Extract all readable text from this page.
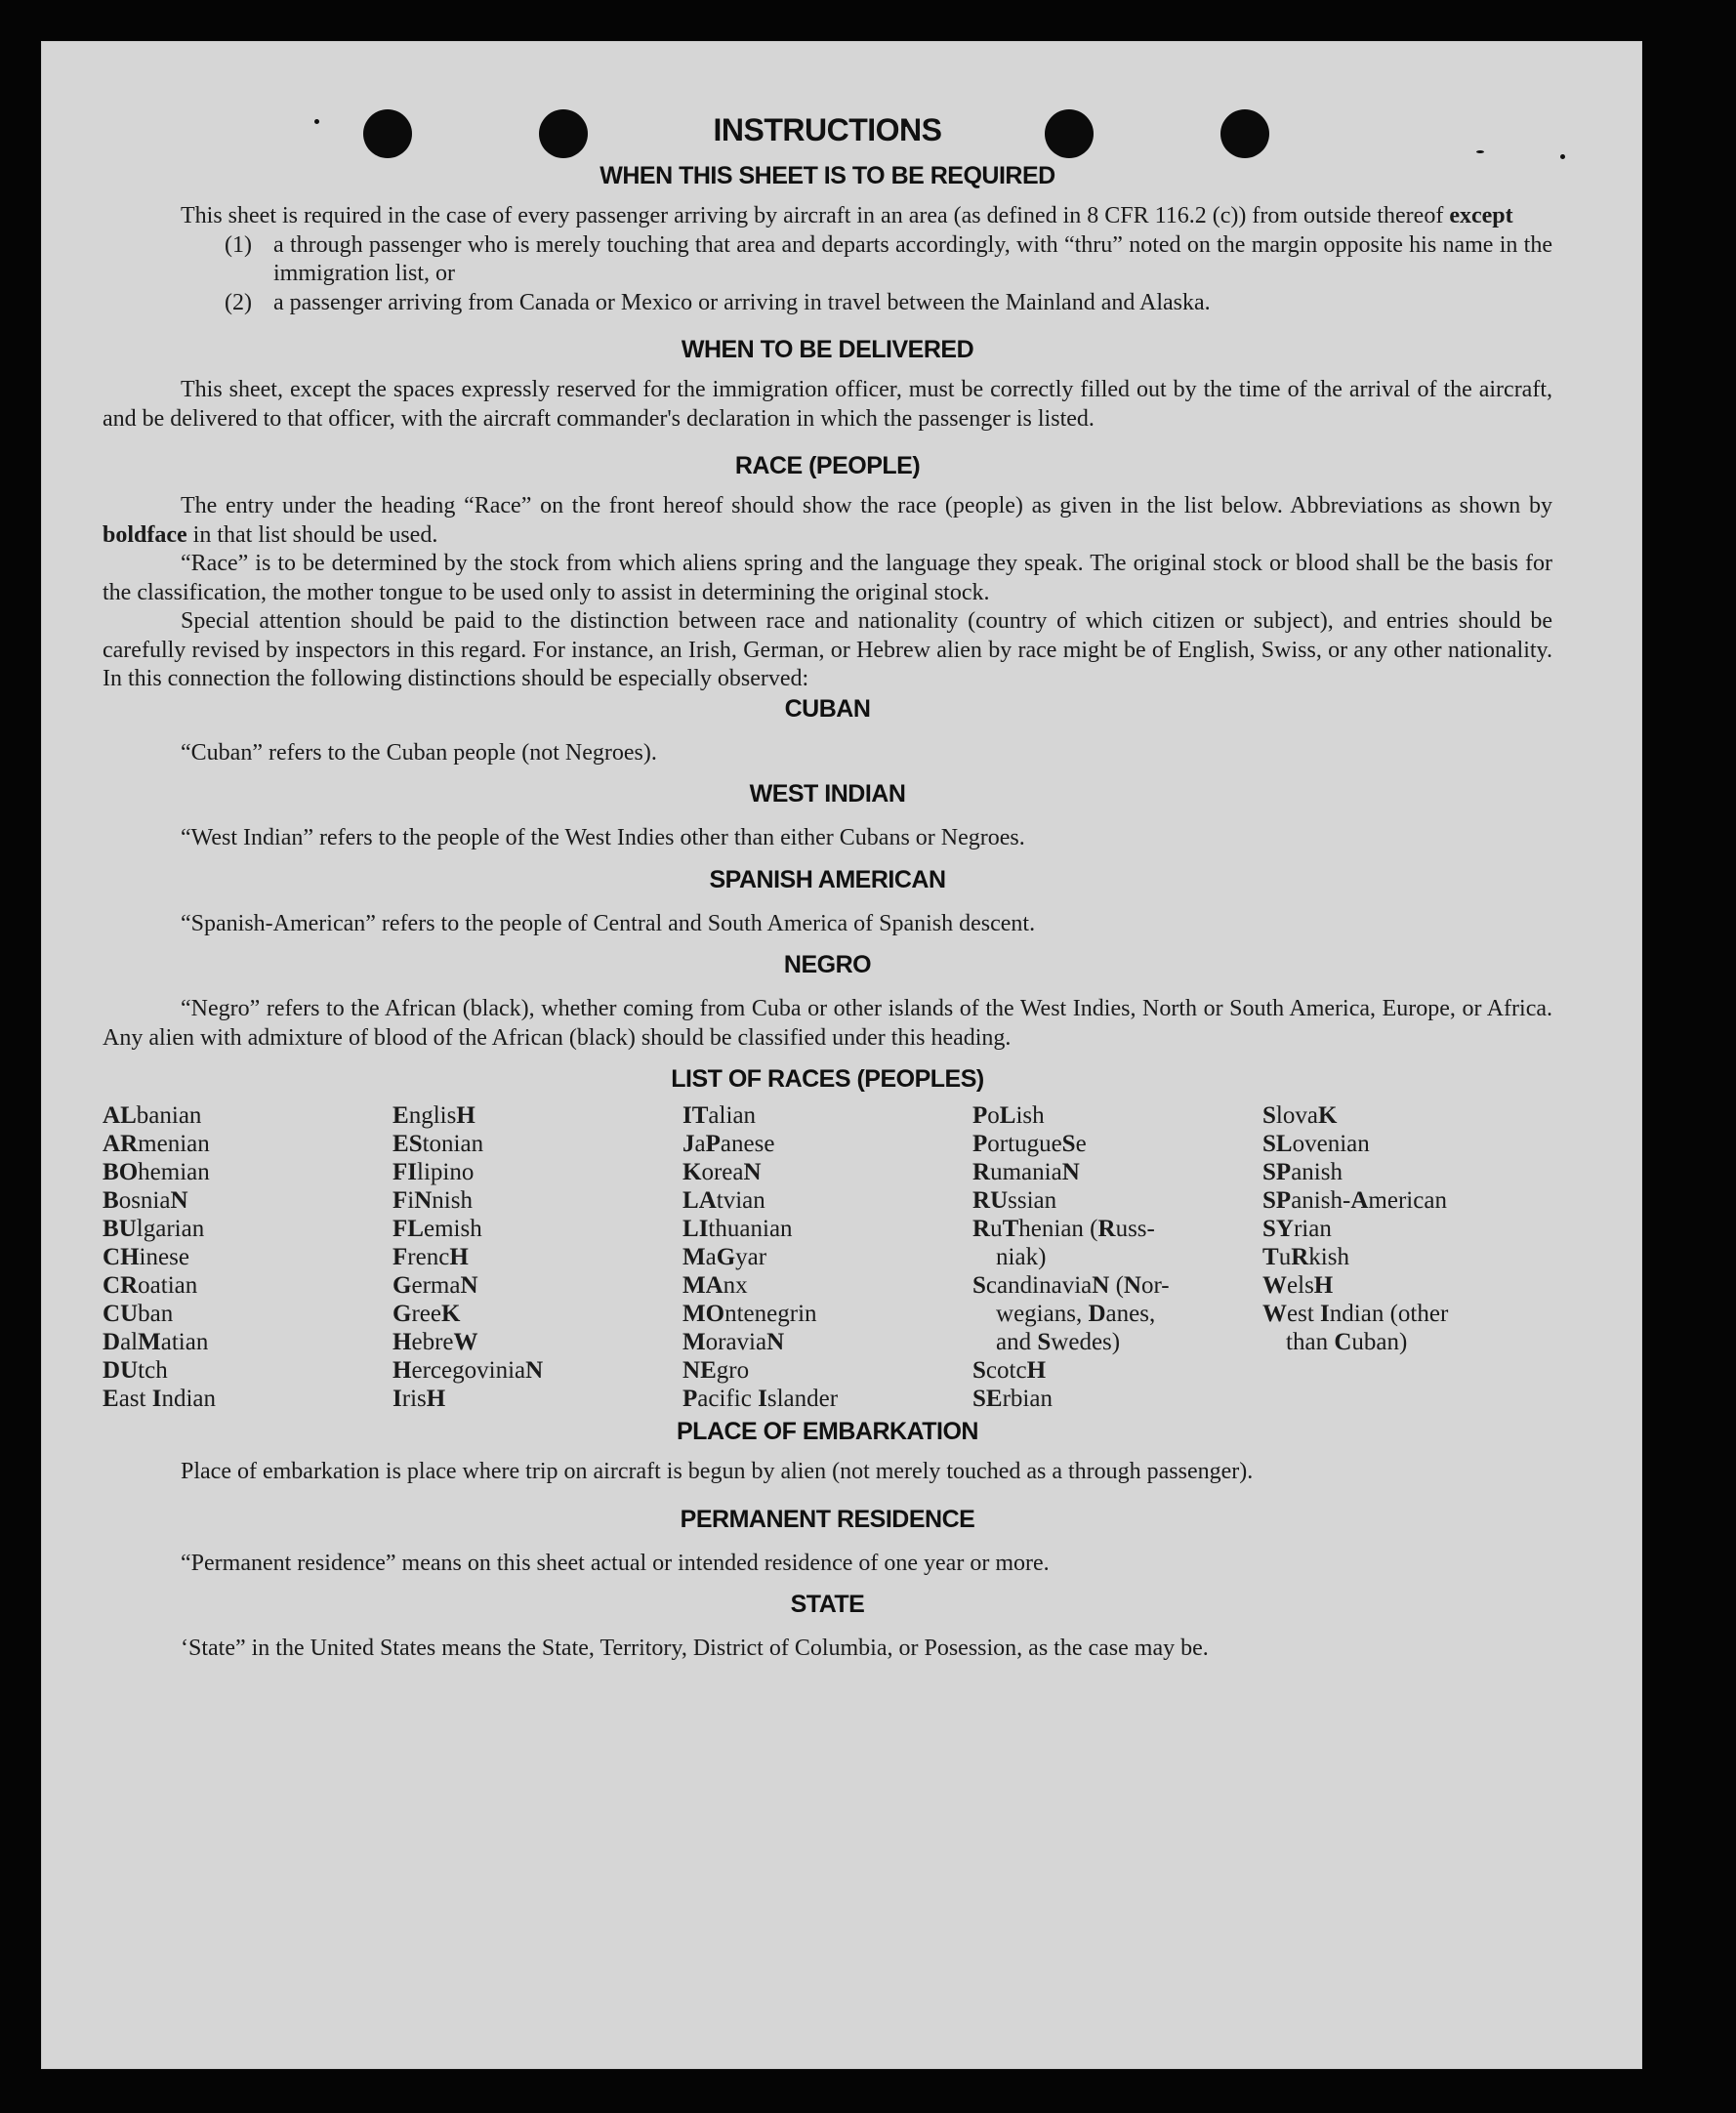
INSTRUCTIONS
WHEN THIS SHEET IS TO BE REQUIRED

This sheet is required in the case of every passenger arriving by aircraft in an area (as defined in 8 CFR 116.2 (c)) from outside thereof except

(1) a through passenger who is merely touching that area and departs accordingly, with “thru” noted on the margin opposite his name in the immigration list, or
(2) a passenger arriving from Canada or Mexico or arriving in travel between the Mainland and Alaska.
WHEN TO BE DELIVERED

This sheet, except the spaces expressly reserved for the immigration officer, must be correctly filled out by the time of the arrival of the aircraft, and be delivered to that officer, with the aircraft commander's declaration in which the passenger is listed.

RACE (PEOPLE)

The entry under the heading “Race” on the front hereof should show the race (people) as given in the list below. Abbreviations as shown by boldface in that list should be used.

“Race” is to be determined by the stock from which aliens spring and the language they speak. The original stock or blood shall be the basis for the classification, the mother tongue to be used only to assist in determining the original stock.

Special attention should be paid to the distinction between race and nationality (country of which citizen or subject), and entries should be carefully revised by inspectors in this regard. For instance, an Irish, German, or Hebrew alien by race might be of English, Swiss, or any other nationality. In this connection the following distinctions should be especially observed:

CUBAN

“Cuban” refers to the Cuban people (not Negroes).

WEST INDIAN

“West Indian” refers to the people of the West Indies other than either Cubans or Negroes.

SPANISH AMERICAN

“Spanish-American” refers to the people of Central and South America of Spanish descent.

NEGRO

“Negro” refers to the African (black), whether coming from Cuba or other islands of the West Indies, North or South America, Europe, or Africa. Any alien with admixture of blood of the African (black) should be classified under this heading.

LIST OF RACES (PEOPLES)
ALbanian
ARmenian
BOhemian
BosniaN
BUlgarian
CHinese
CRoatian
CUban
DalMatian
DUtch
East Indian
EnglisH
EStonian
FIlipino
FiNnish
FLemish
FrencH
GermaN
GreeK
HebreW
HercegoviniaN
IrisH
ITalian
JaPanese
KoreaN
LAtvian
LIthuanian
MaGyar
MAnx
MOntenegrin
MoraviaN
NEgro
Pacific Islander
PoLish
PortugueSe
RumaniaN
RUssian
RuThenian (Russ-
niak)
ScandinaviaN (Nor-
wegians, Danes,
and Swedes)
ScotcH
SErbian
SlovaK
SLovenian
SPanish
SPanish-American
SYrian
TuRkish
WelsH
West Indian (other
than Cuban)
PLACE OF EMBARKATION

Place of embarkation is place where trip on aircraft is begun by alien (not merely touched as a through passenger).

PERMANENT RESIDENCE

“Permanent residence” means on this sheet actual or intended residence of one year or more.

STATE

‘State” in the United States means the State, Territory, District of Columbia, or Posession, as the case may be.
